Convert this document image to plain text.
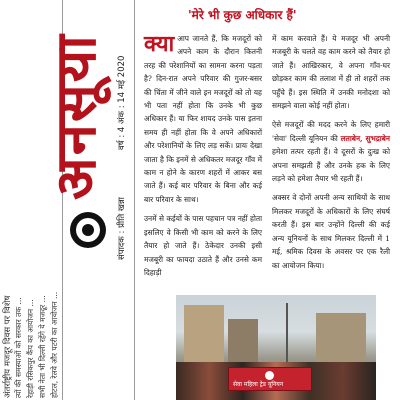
अंतर्राष्ट्रीय मजदूर दिवस पर विशेष त्यों की समस्याओं को सरकार तक ... रेहाड़ी रसिकपुर कैंप का आयोजन ... सभी नेता भी दिल्ली रहेंगे ये मजदूर ... होटल, रेलवे और पटरी का आयोजन ...
अनसूया वर्ष : 4 अंक : 14 मई 2020
संपादक : प्रीति खन्ना
'मेरे भी कुछ अधिकार हैं'
क्या आप जानते हैं, कि मजदूरों को अपने काम के दौरान कितनी तरह की परेशानियों का सामना करना पड़ता है? दिन-रात अपने परिवार की गुजर-बसर की चिंता में जीने वाले इन मजदूरों को तो यह भी पता नहीं होता कि उनके भी कुछ अधिकार हैं। या फिर शायद उनके पास इतना समय ही नहीं होता कि वे अपने अधिकारों और परेशानियों के लिए लड़ सकें। प्रायः देखा जाता है कि इनमें से अधिकतर मजदूर गाँव में काम न होने के कारण शहरों में आकर बस जाते हैं। कई बार परिवार के बिना और कई बार परिवार के साथ।
उनमें से कईयों के पास पहचान पत्र नहीं होता इसलिए वे किसी भी काम को करने के लिए तैयार हो जाते हैं। ठेकेदार उनकी इसी मजबूरी का फायदा उठाते हैं और उनसे कम दिहाड़ी
में काम करवाते हैं। ये मजदूर भी अपनी मजबूरी के चलते वह काम करने को तैयार हो जाते हैं। आखिरकार, वे अपना गाँव-घर छोड़कर काम की तलाश में ही तो शहरों तक पहुँचे हैं। इस स्थिति में उनकी मनोदशा को समझने वाला कोई नहीं होता।
ऐसे मजदूरों की मदद करने के लिए हमारी 'सेवा' दिल्ली यूनियन की लताबेन, सुभद्राबेन हमेशा तत्पर रहती हैं। वे दूसरों के दुःख को अपना समझती हैं और उनके हक के लिए लड़ने को हमेशा तैयार भी रहती हैं।
अक्सर वे दोनों अपनी अन्य साथियों के साथ मिलकर मजदूरों के अधिकारों के लिए संघर्ष करती हैं। इस बार उन्होंने दिल्ली की कई अन्य यूनियनों के साथ मिलकर दिल्ली में 1 मई, श्रमिक दिवस के अवसर पर एक रैली का आयोजन किया।
सेवा महिला ट्रेड यूनियन
